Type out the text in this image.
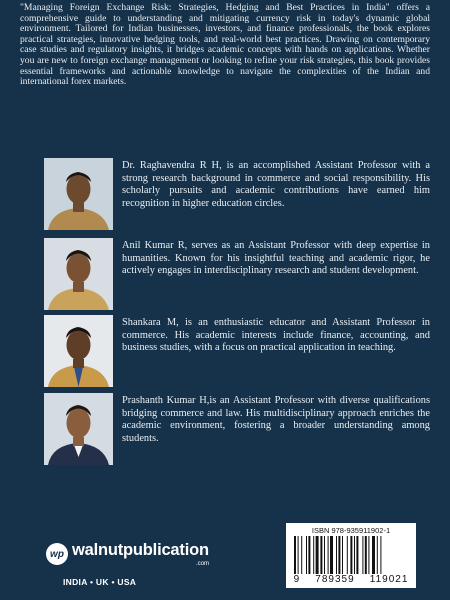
"Managing Foreign Exchange Risk: Strategies, Hedging and Best Practices in India" offers a comprehensive guide to understanding and mitigating currency risk in today's dynamic global environment. Tailored for Indian businesses, investors, and finance professionals, the book explores practical strategies, innovative hedging tools, and real-world best practices. Drawing on contemporary case studies and regulatory insights, it bridges academic concepts with hands on applications. Whether you are new to foreign exchange management or looking to refine your risk strategies, this book provides essential frameworks and actionable knowledge to navigate the complexities of the Indian and international forex markets.

Dr. Raghavendra R H, is an accomplished Assistant Professor with a strong research background in commerce and social responsibility. His scholarly pursuits and academic contributions have earned him recognition in higher education circles.

Anil Kumar R, serves as an Assistant Professor with deep expertise in humanities. Known for his insightful teaching and academic rigor, he actively engages in interdisciplinary research and student development.

Shankara M, is an enthusiastic educator and Assistant Professor in commerce. His academic interests include finance, accounting, and business studies, with a focus on practical application in teaching.

Prashanth Kumar H,is an Assistant Professor with diverse qualifications bridging commerce and law. His multidisciplinary approach enriches the academic environment, fostering a broader understanding among students.

wp walnutpublication
.com
INDIA • UK • USA
ISBN 978-935911902-1
9 789359 119021
